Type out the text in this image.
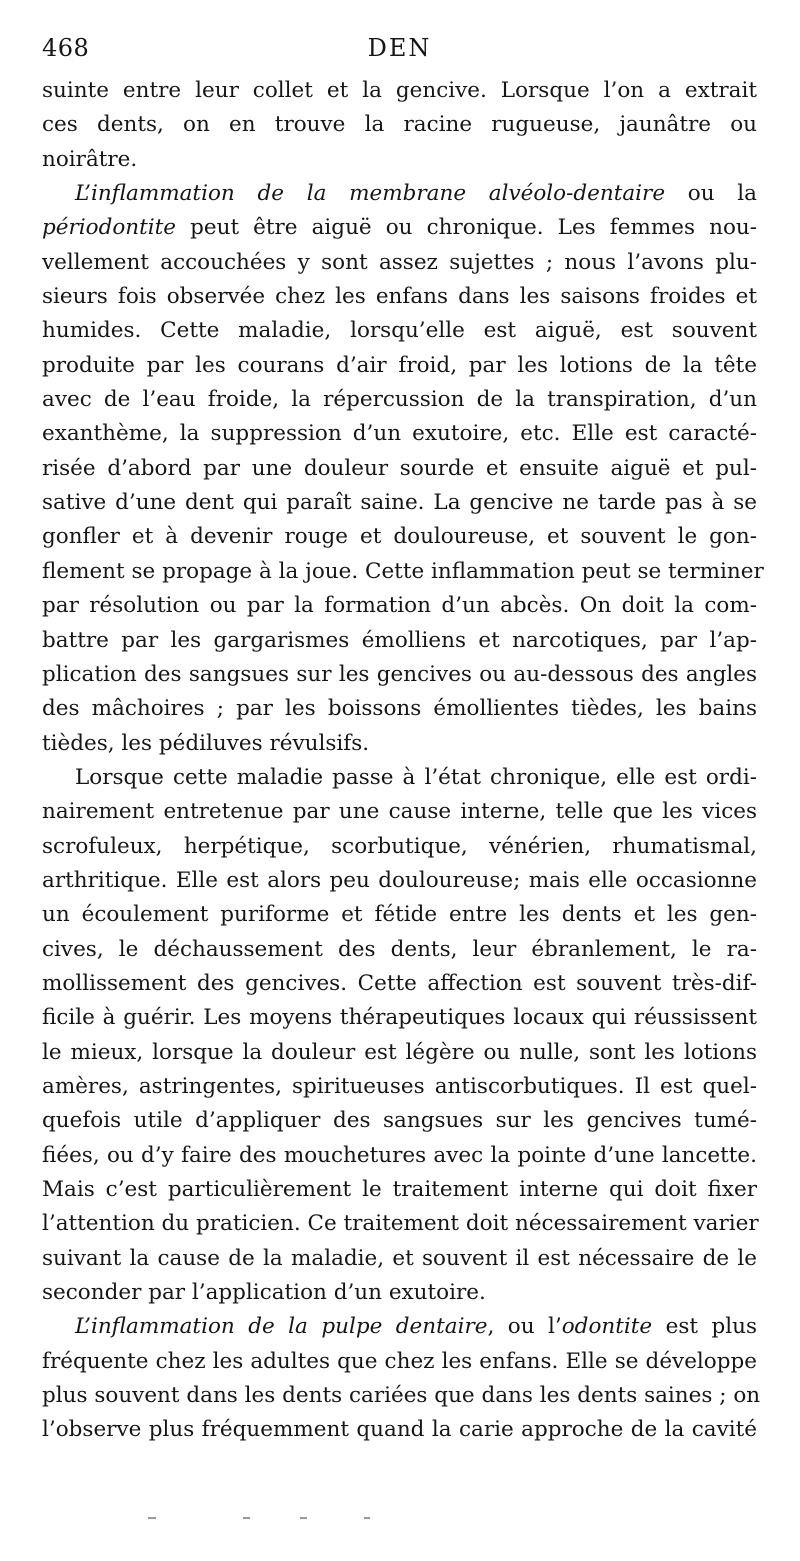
468	DEN
suinte entre leur collet et la gencive. Lorsque l’on a extrait
ces dents, on en trouve la racine rugueuse, jaunâtre ou
noirâtre.
L’inflammation de la membrane alvéolo-dentaire ou la
périodontite peut être aiguë ou chronique. Les femmes nou-
vellement accouchées y sont assez sujettes ; nous l’avons plu-
sieurs fois observée chez les enfans dans les saisons froides et
humides. Cette maladie, lorsqu’elle est aiguë, est souvent
produite par les courans d’air froid, par les lotions de la tête
avec de l’eau froide, la répercussion de la transpiration, d’un
exanthème, la suppression d’un exutoire, etc. Elle est caracté-
risée d’abord par une douleur sourde et ensuite aiguë et pul-
sative d’une dent qui paraît saine. La gencive ne tarde pas à se
gonfler et à devenir rouge et douloureuse, et souvent le gon-
flement se propage à la joue. Cette inflammation peut se terminer
par résolution ou par la formation d’un abcès. On doit la com-
battre par les gargarismes émolliens et narcotiques, par l’ap-
plication des sangsues sur les gencives ou au-dessous des angles
des mâchoires ; par les boissons émollientes tièdes, les bains
tièdes, les pédiluves révulsifs.
Lorsque cette maladie passe à l’état chronique, elle est ordi-
nairement entretenue par une cause interne, telle que les vices
scrofuleux, herpétique, scorbutique, vénérien, rhumatismal,
arthritique. Elle est alors peu douloureuse; mais elle occasionne
un écoulement puriforme et fétide entre les dents et les gen-
cives, le déchaussement des dents, leur ébranlement, le ra-
mollissement des gencives. Cette affection est souvent très-dif-
ficile à guérir. Les moyens thérapeutiques locaux qui réussissent
le mieux, lorsque la douleur est légère ou nulle, sont les lotions
amères, astringentes, spiritueuses antiscorbutiques. Il est quel-
quefois utile d’appliquer des sangsues sur les gencives tumé-
fiées, ou d’y faire des mouchetures avec la pointe d’une lancette.
Mais c’est particulièrement le traitement interne qui doit fixer
l’attention du praticien. Ce traitement doit nécessairement varier
suivant la cause de la maladie, et souvent il est nécessaire de le
seconder par l’application d’un exutoire.
L’inflammation de la pulpe dentaire, ou l’odontite est plus
fréquente chez les adultes que chez les enfans. Elle se développe
plus souvent dans les dents cariées que dans les dents saines ; on
l’observe plus fréquemment quand la carie approche de la cavité
